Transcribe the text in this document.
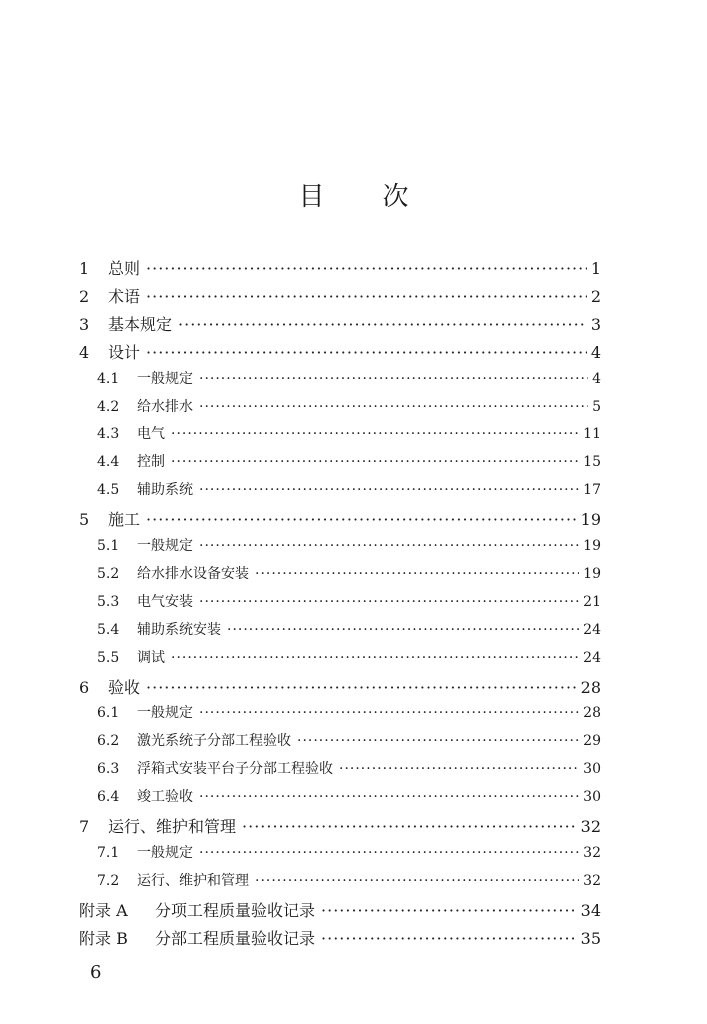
目 次
1	总则 ·····	1
2	术语 ·····	2
3	基本规定 ·····	3
4	设计 ·····	4
4.1	一般规定 ·····	4
4.2	给水排水 ·····	5
4.3	电气 ·····	11
4.4	控制 ·····	15
4.5	辅助系统 ·····	17
5	施工 ·····	19
5.1	一般规定 ·····	19
5.2	给水排水设备安装 ·····	19
5.3	电气安装 ·····	21
5.4	辅助系统安装 ·····	24
5.5	调试 ·····	24
6	验收 ·····	28
6.1	一般规定 ·····	28
6.2	激光系统子分部工程验收 ·····	29
6.3	浮箱式安装平台子分部工程验收 ·····	30
6.4	竣工验收 ·····	30
7	运行、维护和管理 ·····	32
7.1	一般规定 ·····	32
7.2	运行、维护和管理 ·····	32
附录 A	分项工程质量验收记录 ·····	34
附录 B	分部工程质量验收记录 ·····	35
6
